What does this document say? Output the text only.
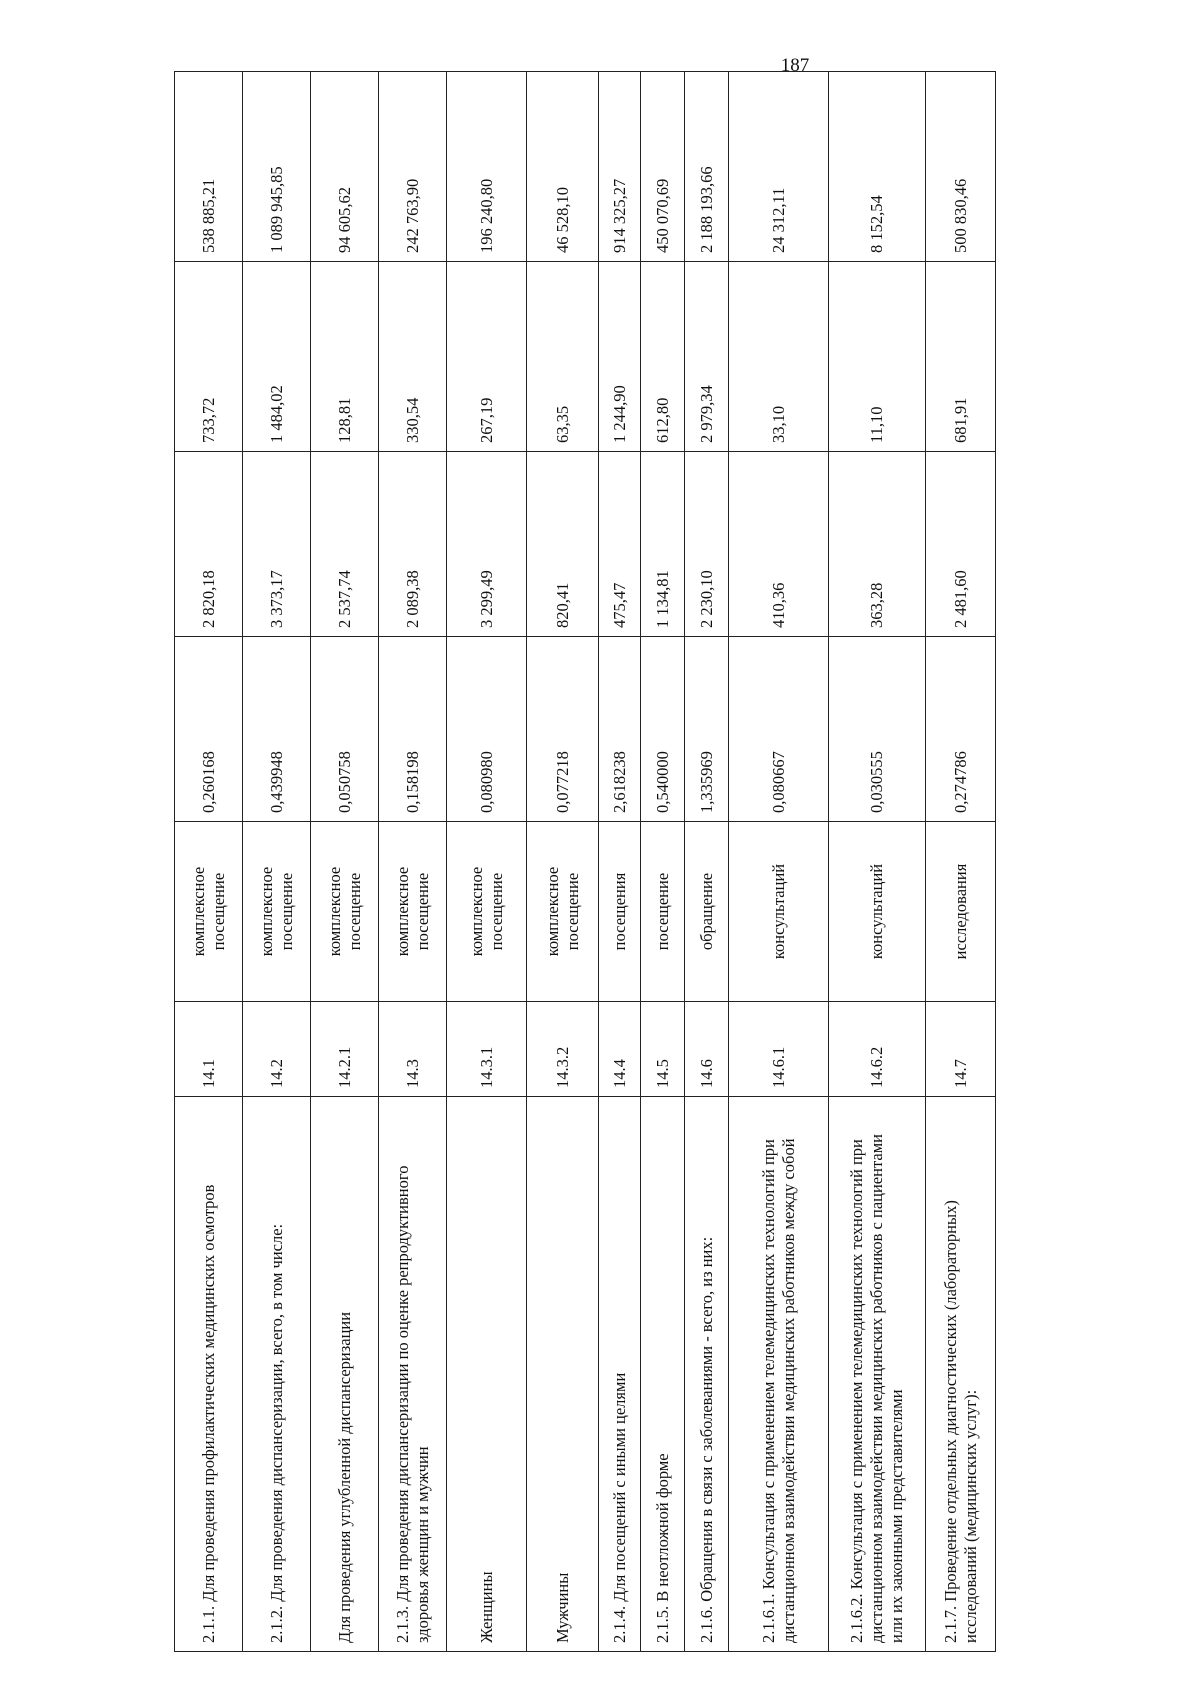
187
2.1.1. Для проведения профилактических медицинских осмотров	14.1	комплексное посещение	0,260168	2 820,18	733,72	538 885,21
2.1.2. Для проведения диспансеризации, всего, в том числе:	14.2	комплексное посещение	0,439948	3 373,17	1 484,02	1 089 945,85
Для проведения углубленной диспансеризации	14.2.1	комплексное посещение	0,050758	2 537,74	128,81	94 605,62
2.1.3. Для проведения диспансеризации по оценке репродуктивного здоровья женщин и мужчин	14.3	комплексное посещение	0,158198	2 089,38	330,54	242 763,90
Женщины	14.3.1	комплексное посещение	0,080980	3 299,49	267,19	196 240,80
Мужчины	14.3.2	комплексное посещение	0,077218	820,41	63,35	46 528,10
2.1.4. Для посещений с иными целями	14.4	посещения	2,618238	475,47	1 244,90	914 325,27
2.1.5. В неотложной форме	14.5	посещение	0,540000	1 134,81	612,80	450 070,69
2.1.6. Обращения в связи с заболеваниями - всего, из них:	14.6	обращение	1,335969	2 230,10	2 979,34	2 188 193,66
2.1.6.1. Консультация с применением телемедицинских технологий при дистанционном взаимодействии медицинских работников между собой	14.6.1	консультаций	0,080667	410,36	33,10	24 312,11
2.1.6.2. Консультация с применением телемедицинских технологий при дистанционном взаимодействии медицинских работников с пациентами или их законными представителями	14.6.2	консультаций	0,030555	363,28	11,10	8 152,54
2.1.7. Проведение отдельных диагностических (лабораторных) исследований (медицинских услуг):	14.7	исследования	0,274786	2 481,60	681,91	500 830,46
